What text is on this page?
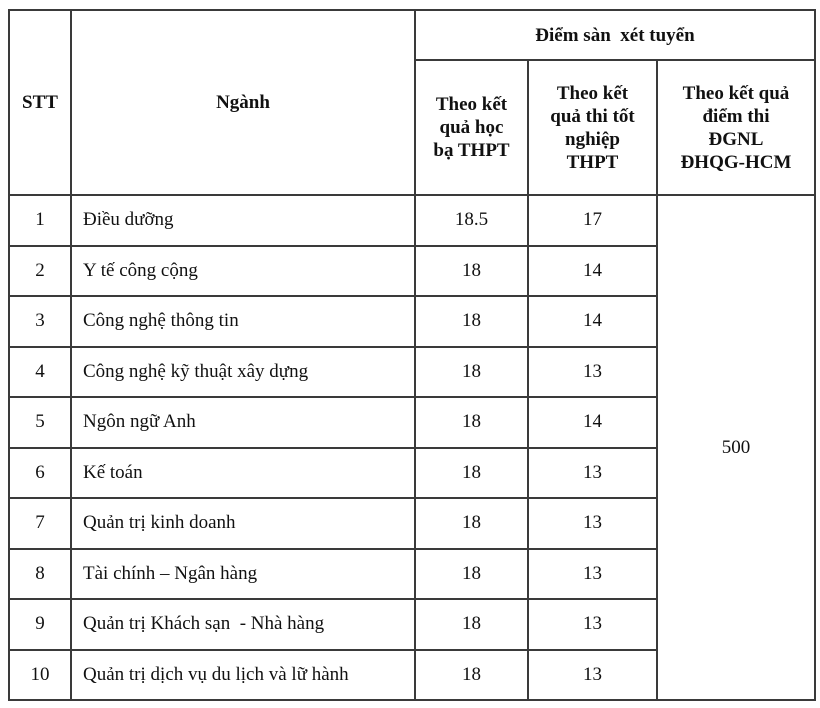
STT	Ngành	Điểm sàn  xét tuyển		

Theo kết
quả học
bạ THPT

Theo kết
quả thi tốt
nghiệp
THPT

Theo kết quả
điểm thi
ĐGNL
ĐHQG-HCM

1	Điều dưỡng	18.5	17	500
2	Y tế công cộng	18	14	
3	Công nghệ thông tin	18	14	
4	Công nghệ kỹ thuật xây dựng	18	13	
5	Ngôn ngữ Anh	18	14	
6	Kế toán	18	13	
7	Quản trị kinh doanh	18	13	
8	Tài chính – Ngân hàng	18	13	
9	Quản trị Khách sạn  - Nhà hàng	18	13	
10	Quản trị dịch vụ du lịch và lữ hành	18	13	
